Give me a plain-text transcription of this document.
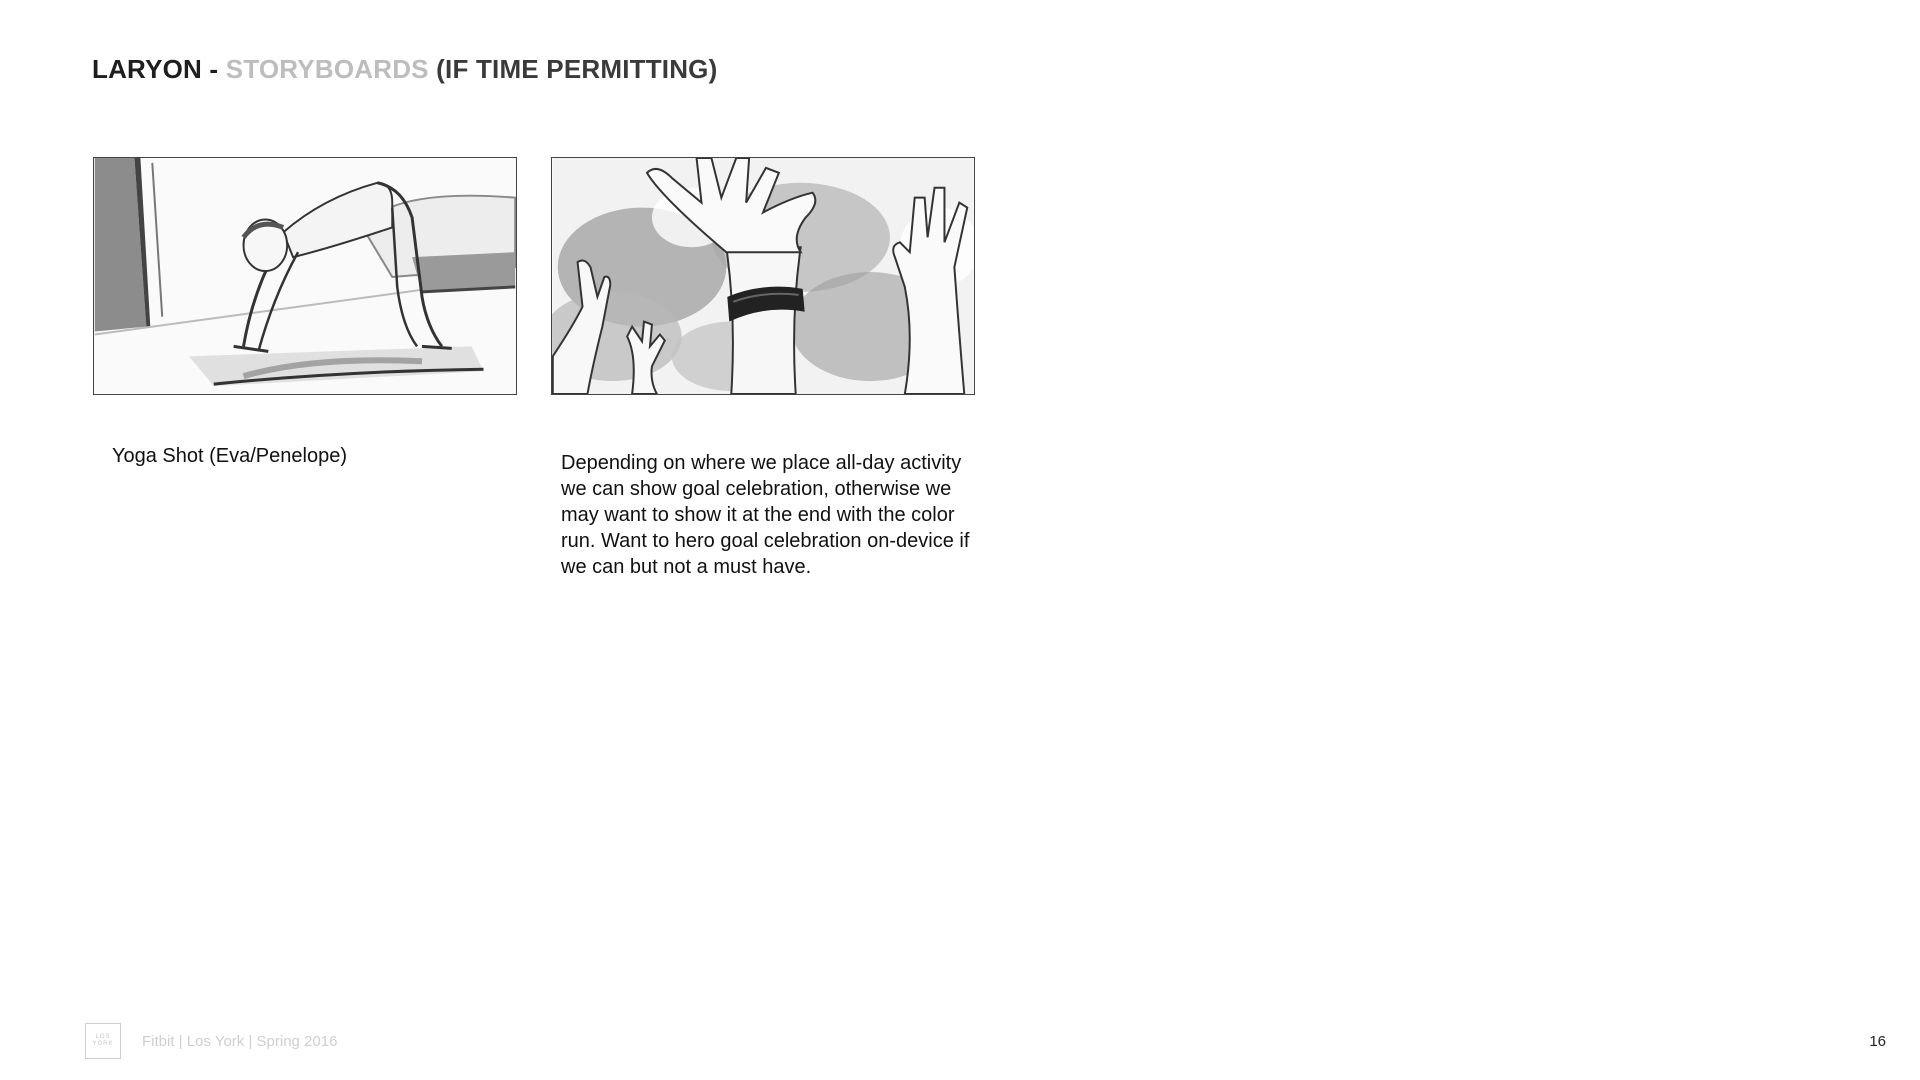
LARYON - STORYBOARDS (IF TIME PERMITTING)
Yoga Shot (Eva/Penelope)	Depending on where we place all-day activity we can show goal celebration, otherwise we may want to show it at the end with the color run. Want to hero goal celebration on-device if we can but not a must have.
LOS
YORK Fitbit | Los York | Spring 2016	16
